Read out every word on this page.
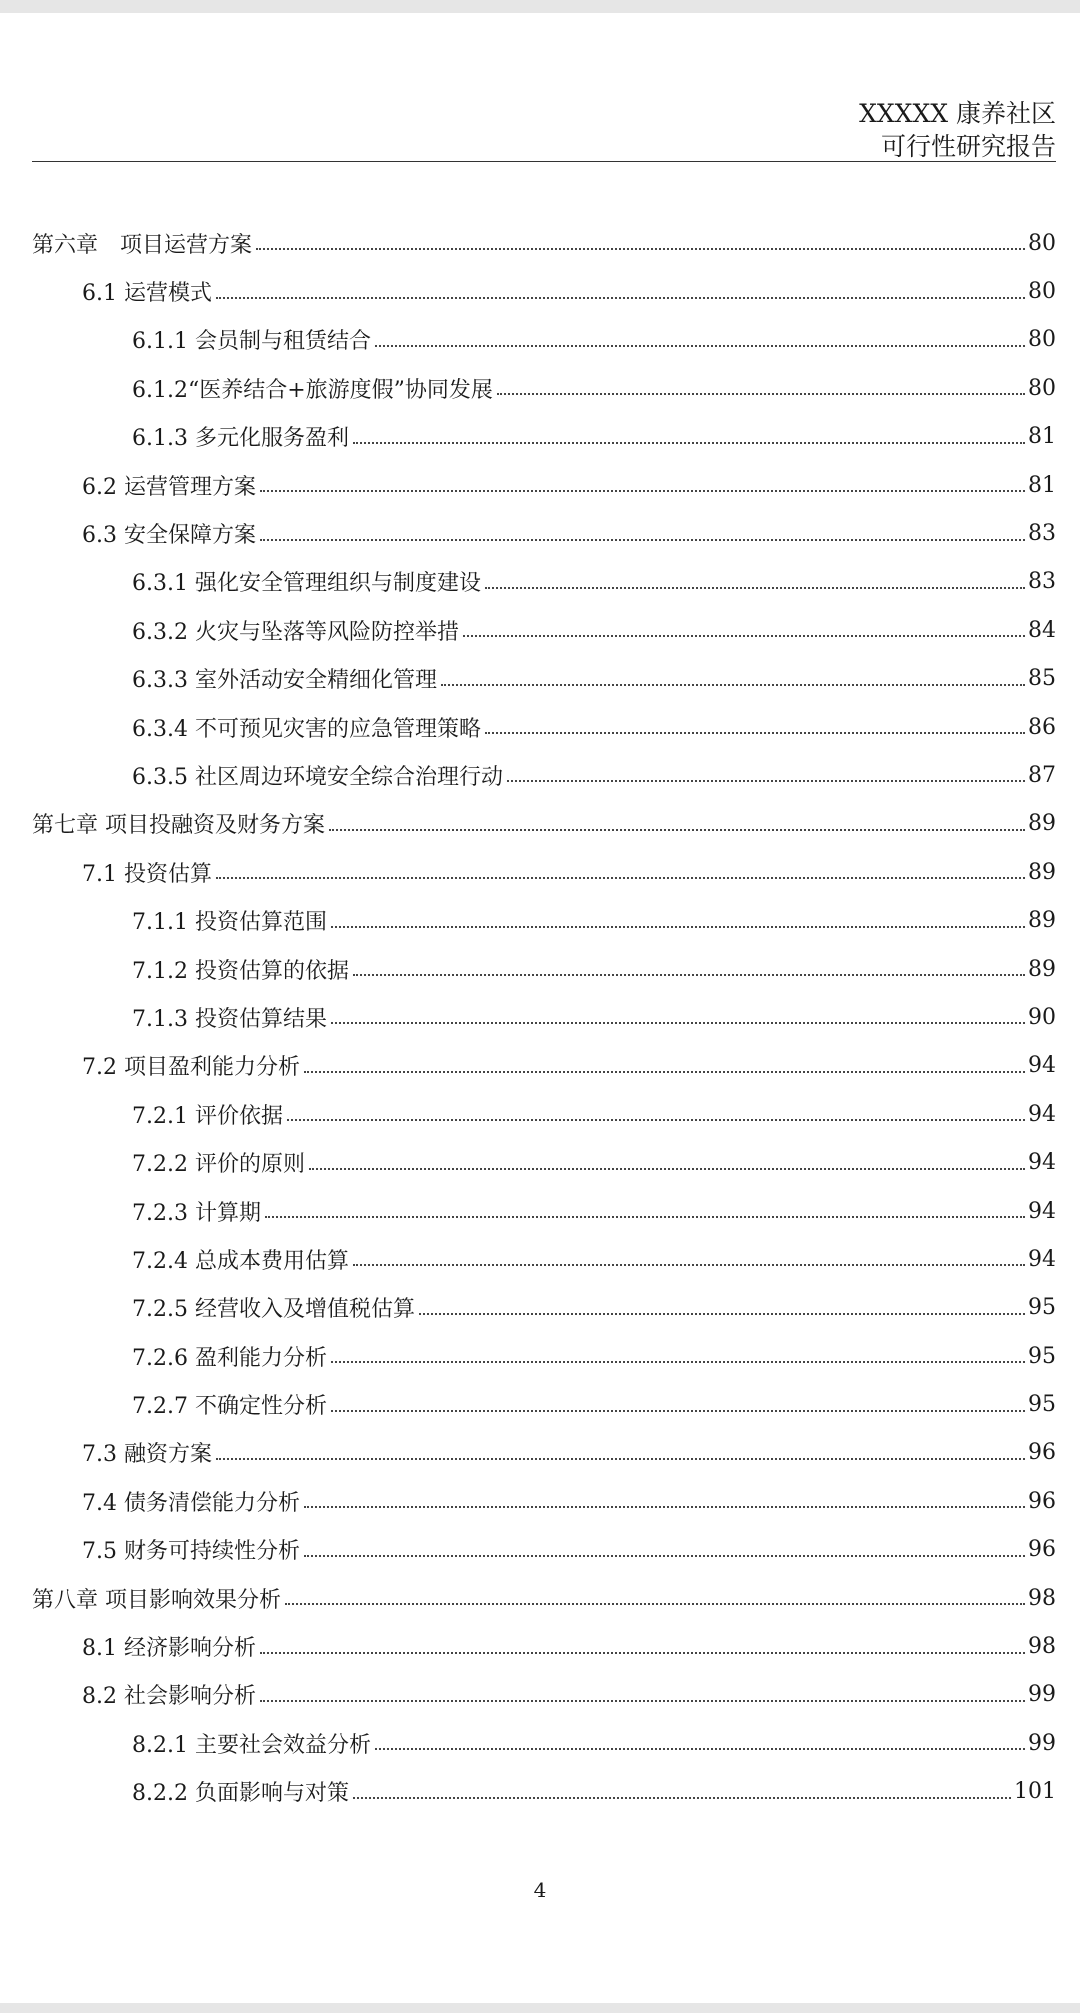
XXXXX 康养社区
可行性研究报告
第六章　项目运营方案	80
6.1 运营模式	80
6.1.1 会员制与租赁结合	80
6.1.2“医养结合+旅游度假”协同发展	80
6.1.3 多元化服务盈利	81
6.2 运营管理方案	81
6.3 安全保障方案	83
6.3.1 强化安全管理组织与制度建设	83
6.3.2 火灾与坠落等风险防控举措	84
6.3.3 室外活动安全精细化管理	85
6.3.4 不可预见灾害的应急管理策略	86
6.3.5 社区周边环境安全综合治理行动	87
第七章 项目投融资及财务方案	89
7.1 投资估算	89
7.1.1 投资估算范围	89
7.1.2 投资估算的依据	89
7.1.3 投资估算结果	90
7.2 项目盈利能力分析	94
7.2.1 评价依据	94
7.2.2 评价的原则	94
7.2.3 计算期	94
7.2.4 总成本费用估算	94
7.2.5 经营收入及增值税估算	95
7.2.6 盈利能力分析	95
7.2.7 不确定性分析	95
7.3 融资方案	96
7.4 债务清偿能力分析	96
7.5 财务可持续性分析	96
第八章 项目影响效果分析	98
8.1 经济影响分析	98
8.2 社会影响分析	99
8.2.1 主要社会效益分析	99
8.2.2 负面影响与对策	101
4
